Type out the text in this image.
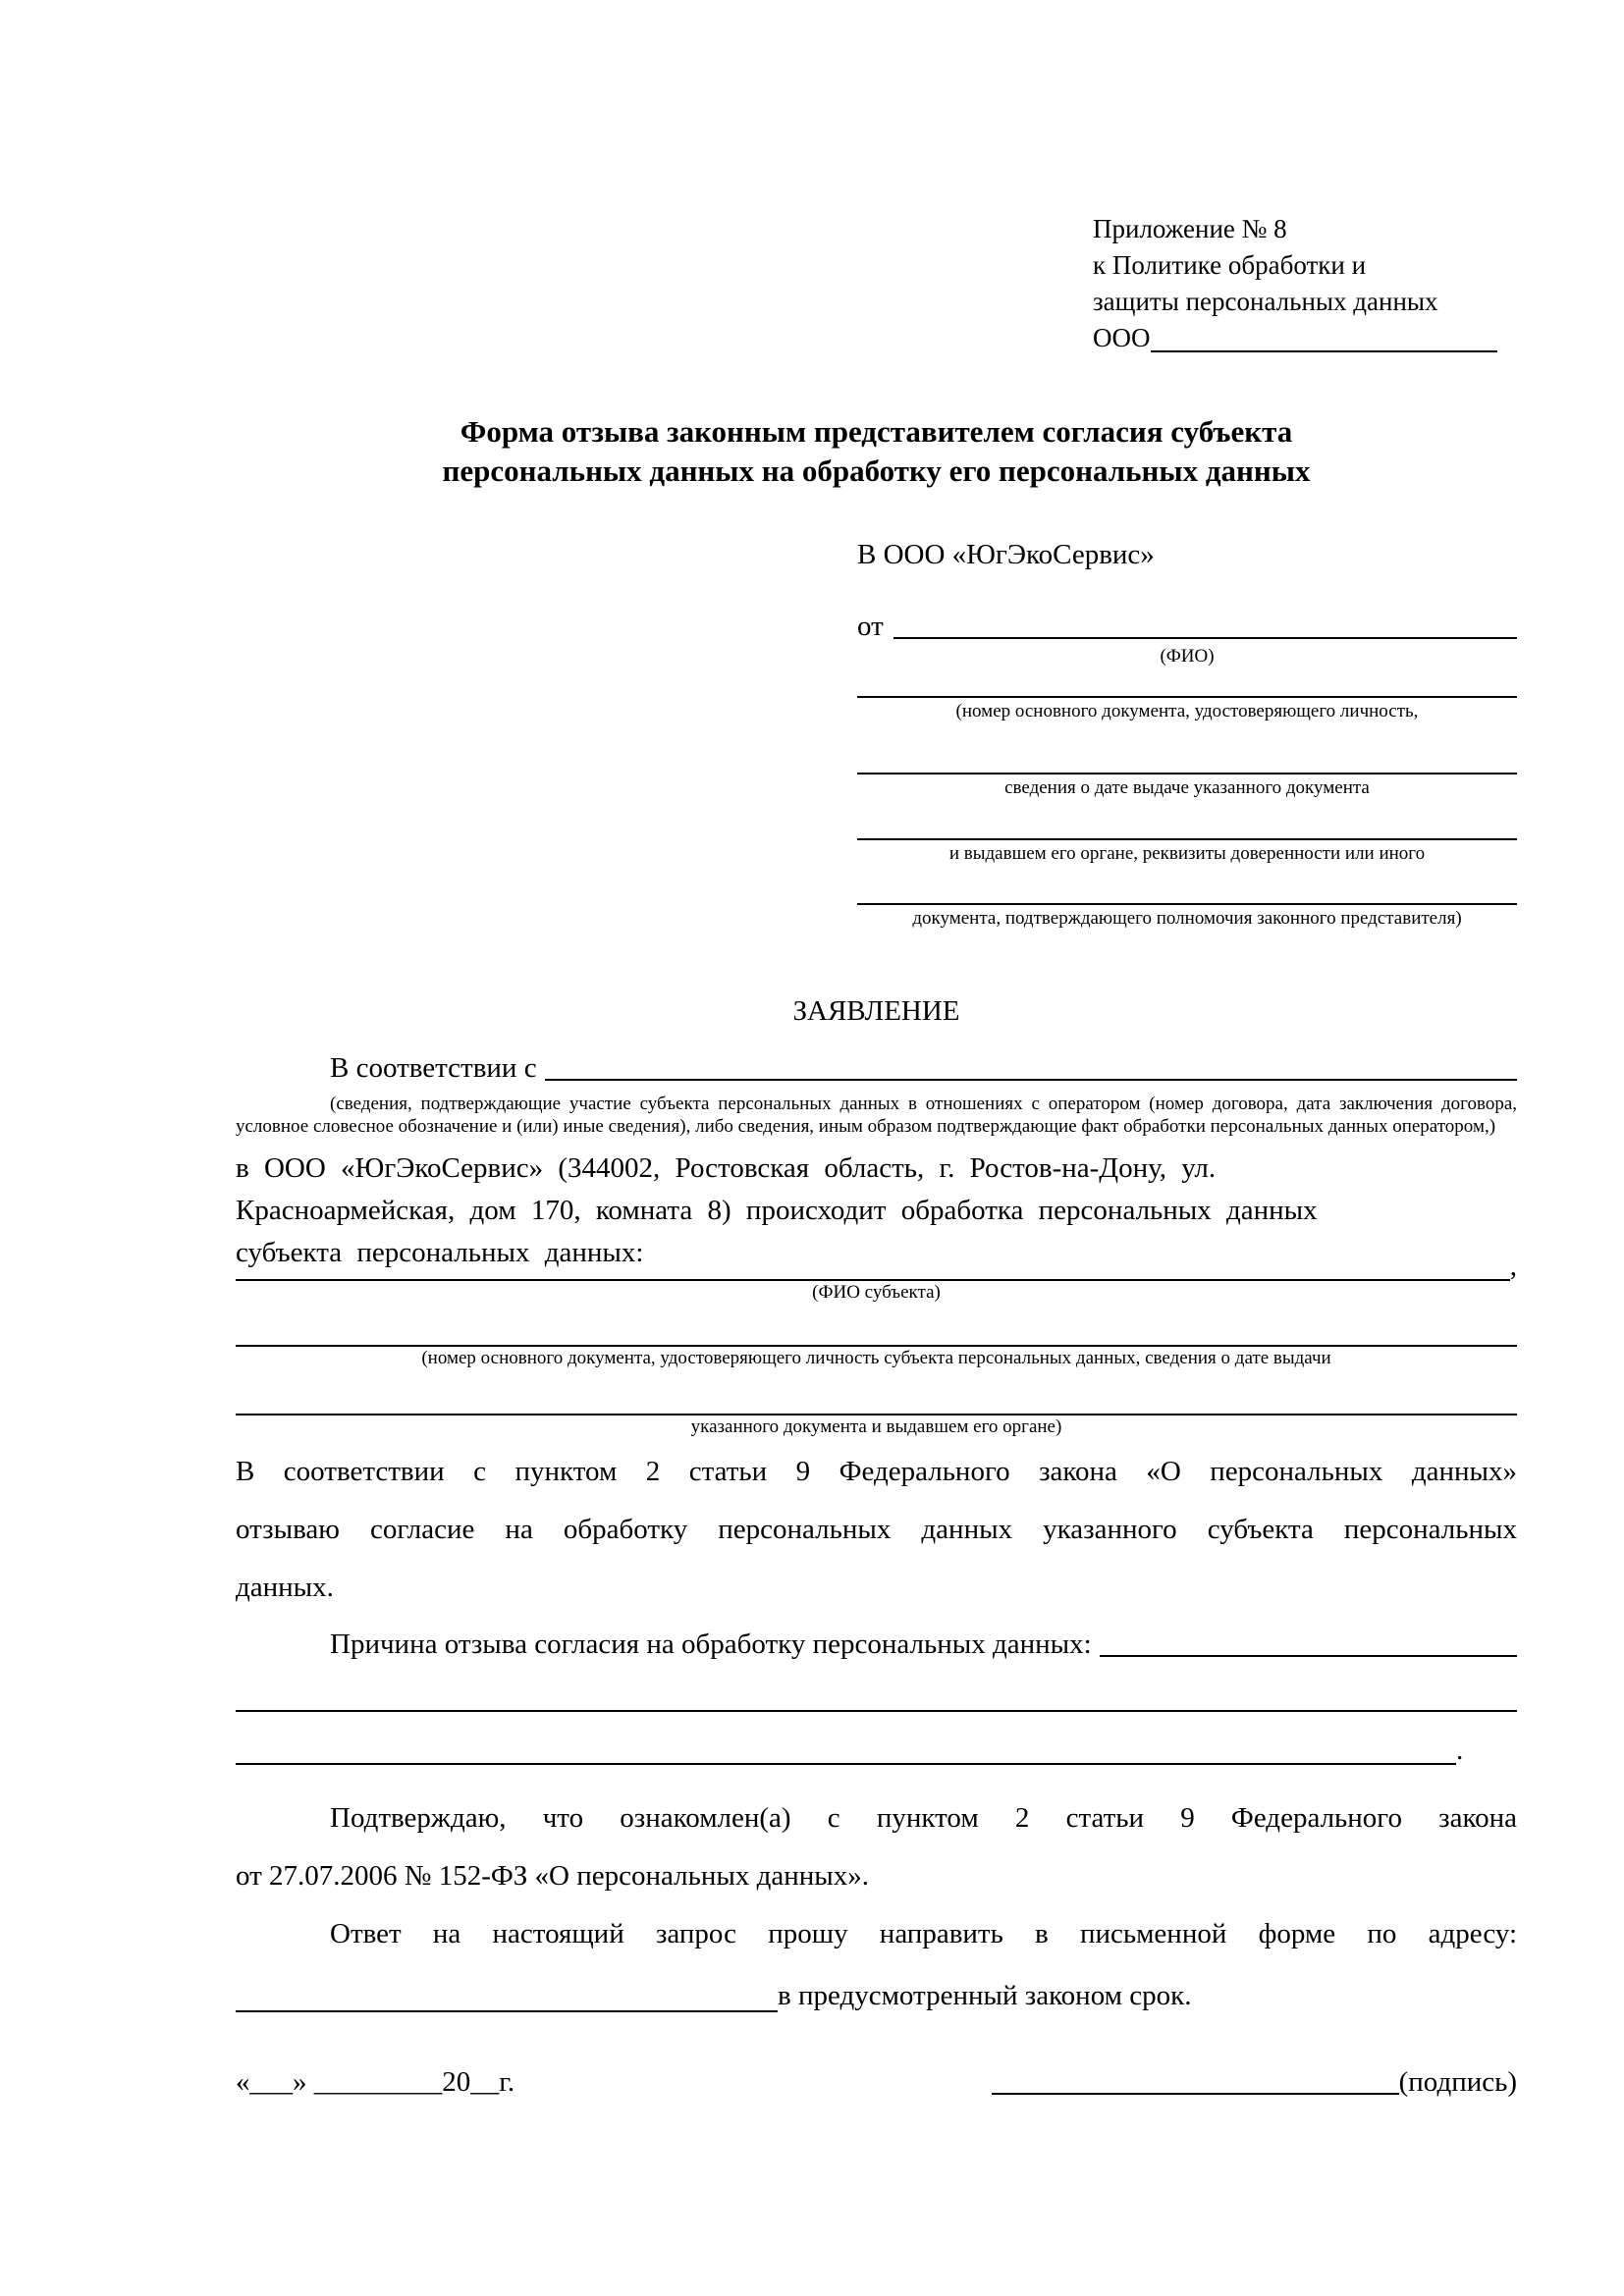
Приложение № 8
к Политике обработки и
защиты персональных данных
ООО
Форма отзыва законным представителем согласия субъекта
персональных данных на обработку его персональных данных
В ООО «ЮгЭкоСервис»
от
(ФИО)
(номер основного документа, удостоверяющего личность,
сведения о дате выдаче указанного документа
и выдавшем его органе, реквизиты доверенности или иного
документа, подтверждающего полномочия законного представителя)
ЗАЯВЛЕНИЕ
В соответствии с
(сведения, подтверждающие участие субъекта персональных данных в отношениях с оператором (номер договора, дата заключения договора, условное словесное обозначение и (или) иные сведения), либо сведения, иным образом подтверждающие факт обработки персональных данных оператором,)
в ООО «ЮгЭкоСервис» (344002, Ростовская область, г. Ростов-на-Дону, ул.
Красноармейская, дом 170, комната 8) происходит обработка персональных данных
субъекта персональных данных:	,
(ФИО субъекта)
(номер основного документа, удостоверяющего личность субъекта персональных данных, сведения о дате выдачи
указанного документа и выдавшем его органе)
В соответствии с пунктом 2 статьи 9 Федерального закона «О персональных данных»
отзываю согласие на обработку персональных данных указанного субъекта персональных
данных.
Причина отзыва согласия на обработку персональных данных:
.
Подтверждаю, что ознакомлен(а) с пунктом 2 статьи 9 Федерального закона
от 27.07.2006 № 152-ФЗ «О персональных данных».
Ответ на настоящий запрос прошу направить в письменной форме по адресу:
в предусмотренный законом срок.
«___» _________20__г.	(подпись)
